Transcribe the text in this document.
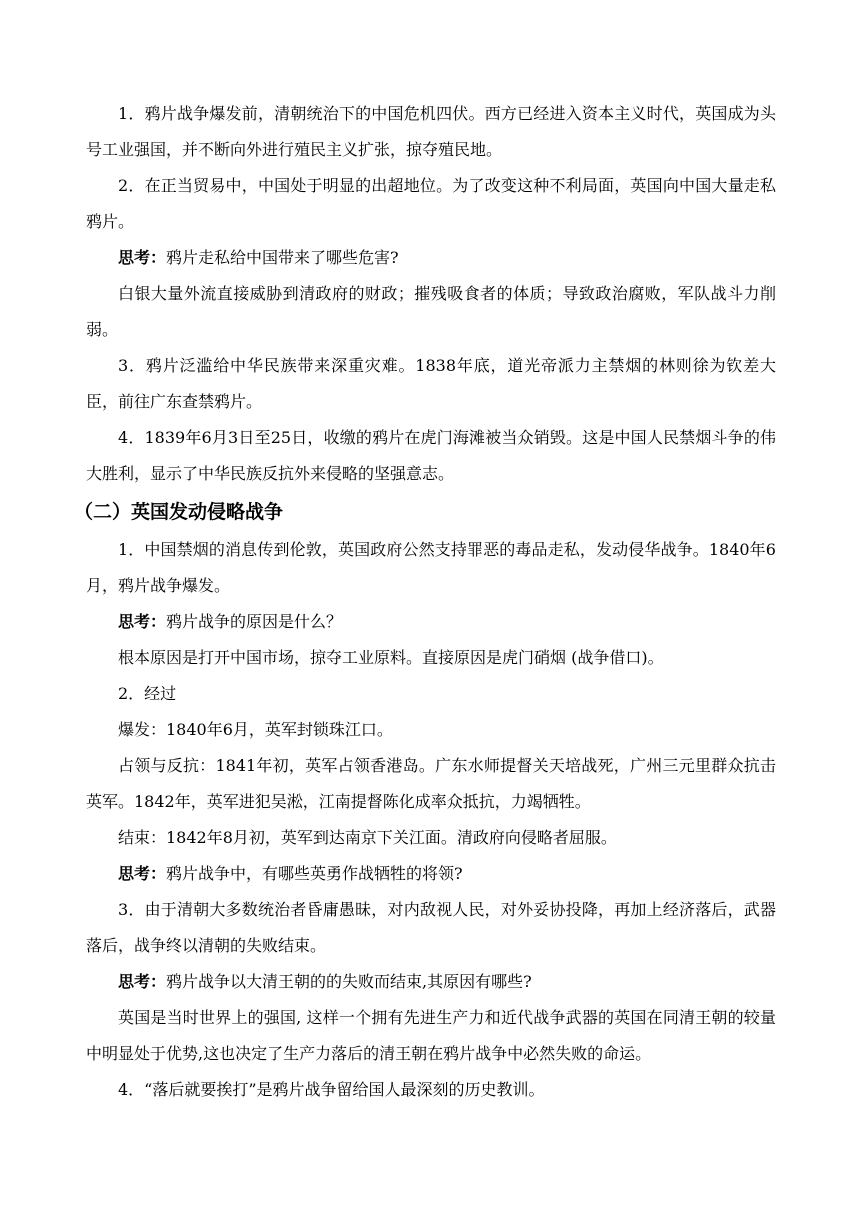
1．鸦片战争爆发前，清朝统治下的中国危机四伏。西方已经进入资本主义时代，英国成为头号工业强国，并不断向外进行殖民主义扩张，掠夺殖民地。

2．在正当贸易中，中国处于明显的出超地位。为了改变这种不利局面，英国向中国大量走私鸦片。

思考：鸦片走私给中国带来了哪些危害?

白银大量外流直接威胁到清政府的财政；摧残吸食者的体质；导致政治腐败，军队战斗力削弱。

3．鸦片泛滥给中华民族带来深重灾难。1838年底，道光帝派力主禁烟的林则徐为钦差大臣，前往广东查禁鸦片。

4．1839年6月3日至25日，收缴的鸦片在虎门海滩被当众销毁。这是中国人民禁烟斗争的伟大胜利，显示了中华民族反抗外来侵略的坚强意志。

（二）英国发动侵略战争

1．中国禁烟的消息传到伦敦，英国政府公然支持罪恶的毒品走私，发动侵华战争。1840年6月，鸦片战争爆发。

思考：鸦片战争的原因是什么？

根本原因是打开中国市场，掠夺工业原料。直接原因是虎门硝烟 (战争借口)。

2．经过

爆发：1840年6月，英军封锁珠江口。

占领与反抗：1841年初，英军占领香港岛。广东水师提督关天培战死，广州三元里群众抗击英军。1842年，英军进犯吴淞，江南提督陈化成率众抵抗，力竭牺牲。

结束：1842年8月初，英军到达南京下关江面。清政府向侵略者屈服。

思考：鸦片战争中，有哪些英勇作战牺牲的将领?

3．由于清朝大多数统治者昏庸愚昧，对内敌视人民，对外妥协投降，再加上经济落后，武器落后，战争终以清朝的失败结束。

思考：鸦片战争以大清王朝的的失败而结束,其原因有哪些?

英国是当时世界上的强国, 这样一个拥有先进生产力和近代战争武器的英国在同清王朝的较量中明显处于优势,这也决定了生产力落后的清王朝在鸦片战争中必然失败的命运。

4．“落后就要挨打”是鸦片战争留给国人最深刻的历史教训。
